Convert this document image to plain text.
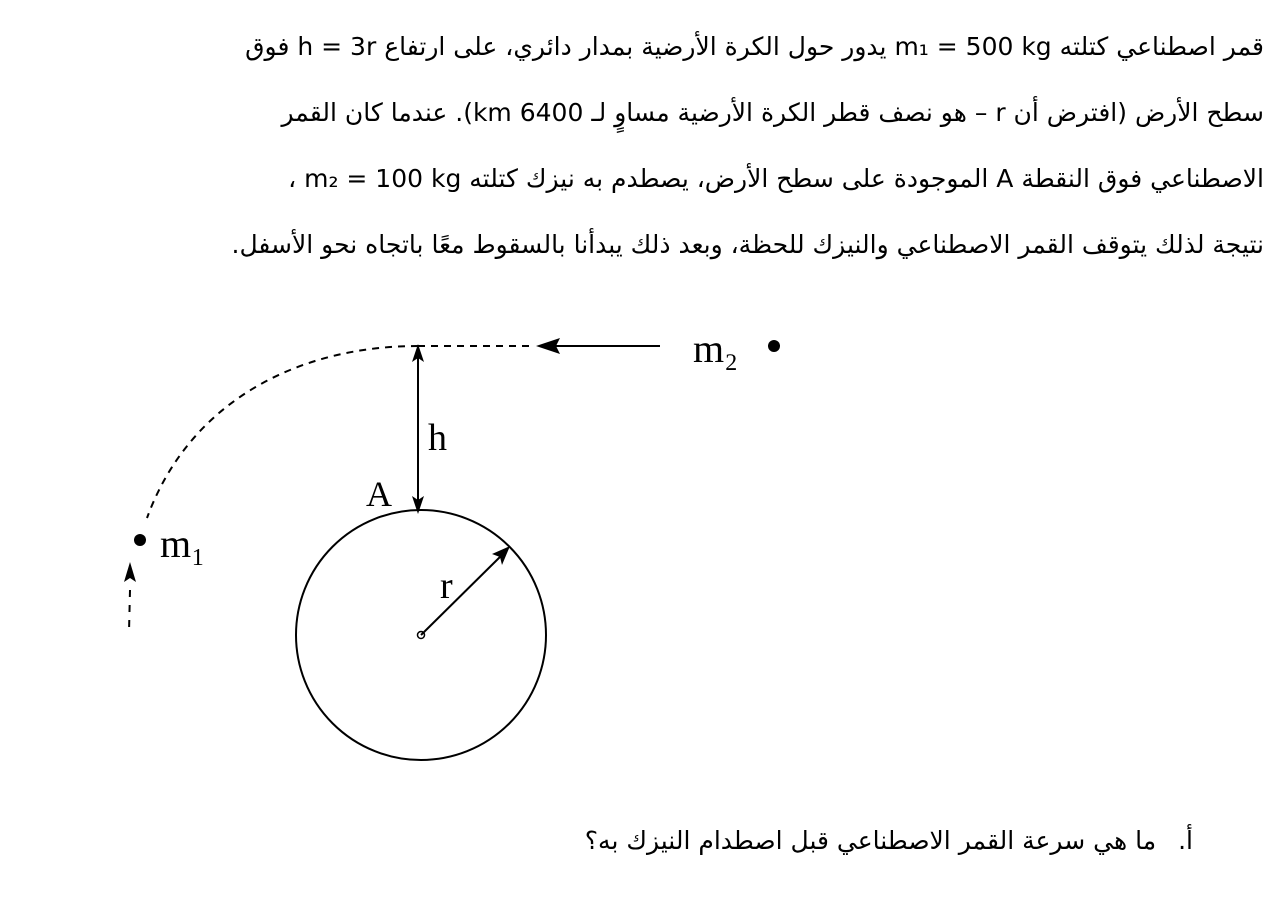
قمر اصطناعي كتلته m₁ = 500 kg يدور حول الكرة الأرضية بمدار دائري، على ارتفاع h = 3r فوق
سطح الأرض (افترض أن r – هو نصف قطر الكرة الأرضية مساوٍ لـ 6400 km). عندما كان القمر
الاصطناعي فوق النقطة A الموجودة على سطح الأرض، يصطدم به نيزك كتلته m₂ = 100 kg ،
نتيجة لذلك يتوقف القمر الاصطناعي والنيزك للحظة، وبعد ذلك يبدأنا بالسقوط معًا باتجاه نحو الأسفل.
m₂
h
r
A
m₁
أ.ما هي سرعة القمر الاصطناعي قبل اصطدام النيزك به؟
